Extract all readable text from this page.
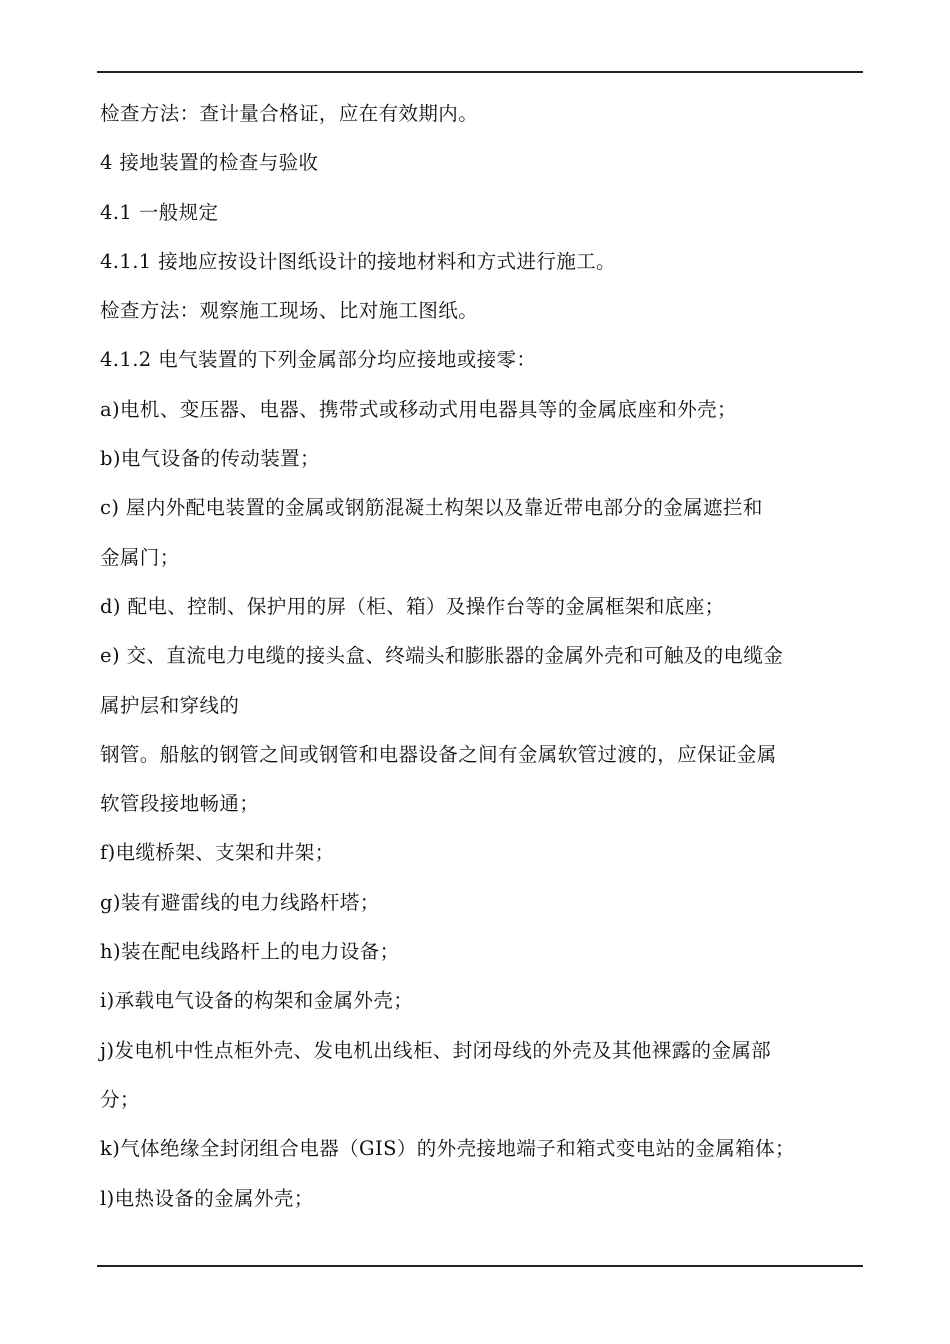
检查方法：查计量合格证，应在有效期内。
4 接地装置的检查与验收
4.1 一般规定
4.1.1 接地应按设计图纸设计的接地材料和方式进行施工。
检查方法：观察施工现场、比对施工图纸。
4.1.2 电气装置的下列金属部分均应接地或接零：
a)电机、变压器、电器、携带式或移动式用电器具等的金属底座和外壳；
b)电气设备的传动装置；
c) 屋内外配电装置的金属或钢筋混凝土构架以及靠近带电部分的金属遮拦和
金属门；
d) 配电、控制、保护用的屏（柜、箱）及操作台等的金属框架和底座；
e) 交、直流电力电缆的接头盒、终端头和膨胀器的金属外壳和可触及的电缆金
属护层和穿线的
钢管。船舷的钢管之间或钢管和电器设备之间有金属软管过渡的，应保证金属
软管段接地畅通；
f)电缆桥架、支架和井架；
g)装有避雷线的电力线路杆塔；
h)装在配电线路杆上的电力设备；
i)承载电气设备的构架和金属外壳；
j)发电机中性点柜外壳、发电机出线柜、封闭母线的外壳及其他裸露的金属部
分；
k)气体绝缘全封闭组合电器（GIS）的外壳接地端子和箱式变电站的金属箱体；
l)电热设备的金属外壳；
